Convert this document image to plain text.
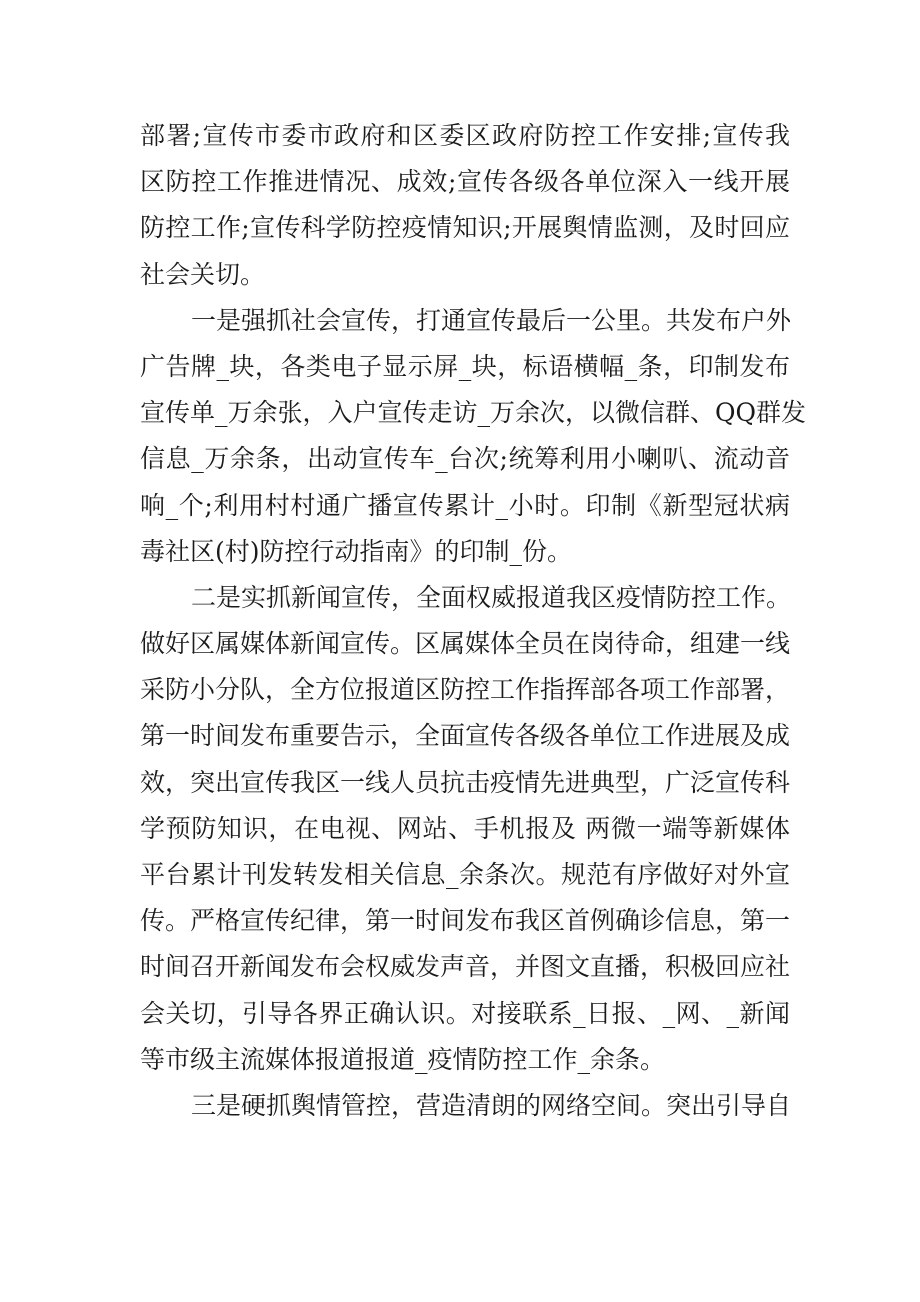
部署;宣传市委市政府和区委区政府防控工作安排;宣传我
区防控工作推进情况、成效;宣传各级各单位深入一线开展
防控工作;宣传科学防控疫情知识;开展舆情监测，及时回应
社会关切。
一是强抓社会宣传，打通宣传最后一公里。共发布户外
广告牌_块，各类电子显示屏_块，标语横幅_条，印制发布
宣传单_万余张，入户宣传走访_万余次，以微信群、QQ群发
信息_万余条，出动宣传车_台次;统筹利用小喇叭、流动音
响_个;利用村村通广播宣传累计_小时。印制《新型冠状病
毒社区(村)防控行动指南》的印制_份。
二是实抓新闻宣传，全面权威报道我区疫情防控工作。
做好区属媒体新闻宣传。区属媒体全员在岗待命，组建一线
采防小分队，全方位报道区防控工作指挥部各项工作部署，
第一时间发布重要告示，全面宣传各级各单位工作进展及成
效，突出宣传我区一线人员抗击疫情先进典型，广泛宣传科
学预防知识，在电视、网站、手机报及 两微一端等新媒体
平台累计刊发转发相关信息_余条次。规范有序做好对外宣
传。严格宣传纪律，第一时间发布我区首例确诊信息，第一
时间召开新闻发布会权威发声音，并图文直播，积极回应社
会关切，引导各界正确认识。对接联系_日报、_网、_新闻
等市级主流媒体报道报道_疫情防控工作_余条。
三是硬抓舆情管控，营造清朗的网络空间。突出引导自
